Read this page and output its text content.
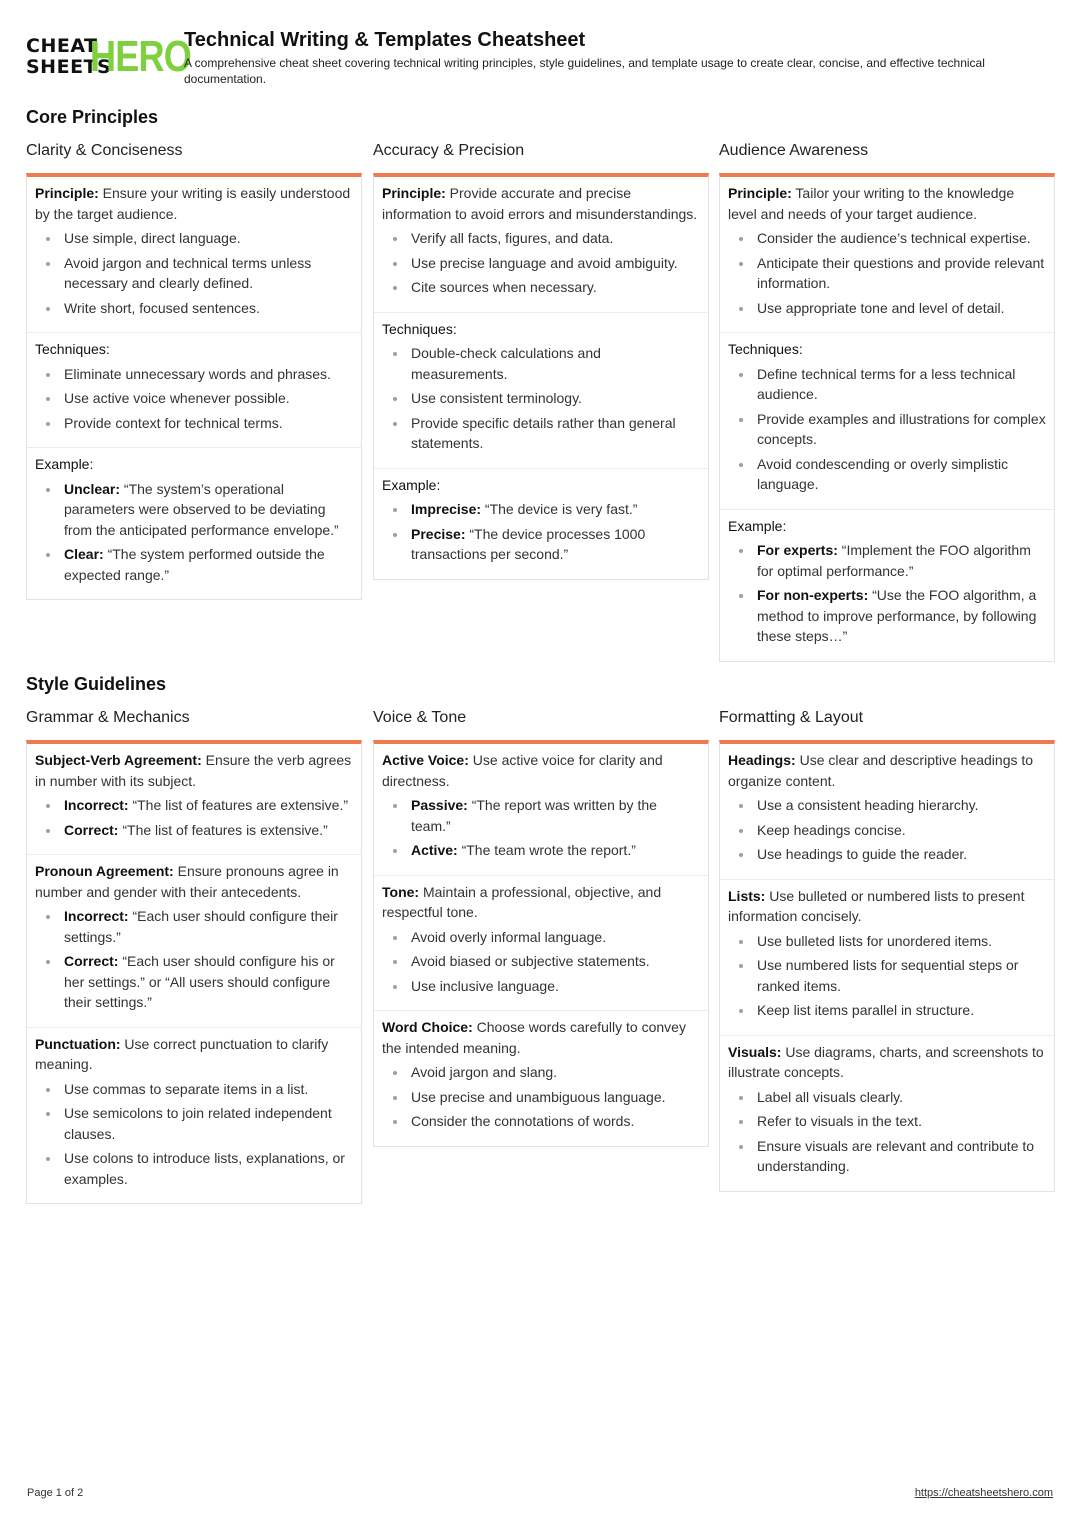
CHEAT
SHEETS
HERO
Technical Writing & Templates Cheatsheet
A comprehensive cheat sheet covering technical writing principles, style guidelines, and template usage to create clear, concise, and effective technical documentation.
Core Principles
Clarity & Conciseness
Principle: Ensure your writing is easily understood by the target audience.
Use simple, direct language.
Avoid jargon and technical terms unless necessary and clearly defined.
Write short, focused sentences.
Techniques:
Eliminate unnecessary words and phrases.
Use active voice whenever possible.
Provide context for technical terms.
Example:
Unclear: “The system’s operational parameters were observed to be deviating from the anticipated performance envelope.”
Clear: “The system performed outside the expected range.”
Accuracy & Precision
Principle: Provide accurate and precise information to avoid errors and misunderstandings.
Verify all facts, figures, and data.
Use precise language and avoid ambiguity.
Cite sources when necessary.
Techniques:
Double-check calculations and measurements.
Use consistent terminology.
Provide specific details rather than general statements.
Example:
Imprecise: “The device is very fast.”
Precise: “The device processes 1000 transactions per second.”
Audience Awareness
Principle: Tailor your writing to the knowledge level and needs of your target audience.
Consider the audience’s technical expertise.
Anticipate their questions and provide relevant information.
Use appropriate tone and level of detail.
Techniques:
Define technical terms for a less technical audience.
Provide examples and illustrations for complex concepts.
Avoid condescending or overly simplistic language.
Example:
For experts: “Implement the FOO algorithm for optimal performance.”
For non-experts: “Use the FOO algorithm, a method to improve performance, by following these steps…”
Style Guidelines
Grammar & Mechanics
Subject-Verb Agreement: Ensure the verb agrees in number with its subject.
Incorrect: “The list of features are extensive.”
Correct: “The list of features is extensive.”
Pronoun Agreement: Ensure pronouns agree in number and gender with their antecedents.
Incorrect: “Each user should configure their settings.”
Correct: “Each user should configure his or her settings.” or “All users should configure their settings.”
Punctuation: Use correct punctuation to clarify meaning.
Use commas to separate items in a list.
Use semicolons to join related independent clauses.
Use colons to introduce lists, explanations, or examples.
Voice & Tone
Active Voice: Use active voice for clarity and directness.
Passive: “The report was written by the team.”
Active: “The team wrote the report.”
Tone: Maintain a professional, objective, and respectful tone.
Avoid overly informal language.
Avoid biased or subjective statements.
Use inclusive language.
Word Choice: Choose words carefully to convey the intended meaning.
Avoid jargon and slang.
Use precise and unambiguous language.
Consider the connotations of words.
Formatting & Layout
Headings: Use clear and descriptive headings to organize content.
Use a consistent heading hierarchy.
Keep headings concise.
Use headings to guide the reader.
Lists: Use bulleted or numbered lists to present information concisely.
Use bulleted lists for unordered items.
Use numbered lists for sequential steps or ranked items.
Keep list items parallel in structure.
Visuals: Use diagrams, charts, and screenshots to illustrate concepts.
Label all visuals clearly.
Refer to visuals in the text.
Ensure visuals are relevant and contribute to understanding.
Page 1 of 2	https://cheatsheetshero.com
